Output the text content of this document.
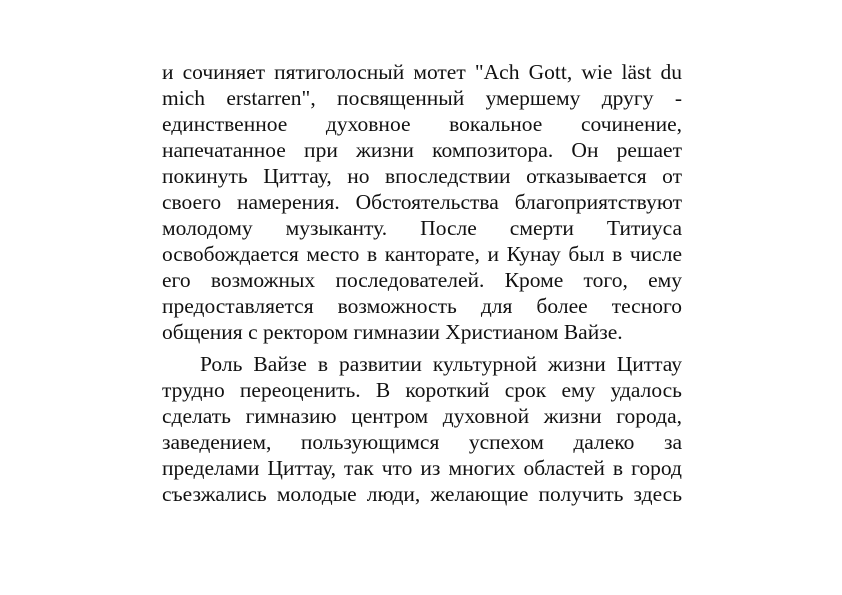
и сочиняет пятиголосный мотет "Ach Gott, wie läst du
mich erstarren", посвященный умершему другу -
единственное духовное вокальное сочинение,
напечатанное при жизни композитора. Он решает
покинуть Циттау, но впоследствии отказывается от
своего намерения. Обстоятельства благоприятствуют
молодому музыканту. После смерти Титиуса
освобождается место в канторате, и Кунау был в числе
его возможных последователей. Кроме того, ему
предоставляется возможность для более тесного
общения с ректором гимназии Христианом Вайзе.

Роль Вайзе в развитии культурной жизни Циттау
трудно переоценить. В короткий срок ему удалось
сделать гимназию центром духовной жизни города,
заведением, пользующимся успехом далеко за
пределами Циттау, так что из многих областей в город
съезжались молодые люди, желающие получить здесь
